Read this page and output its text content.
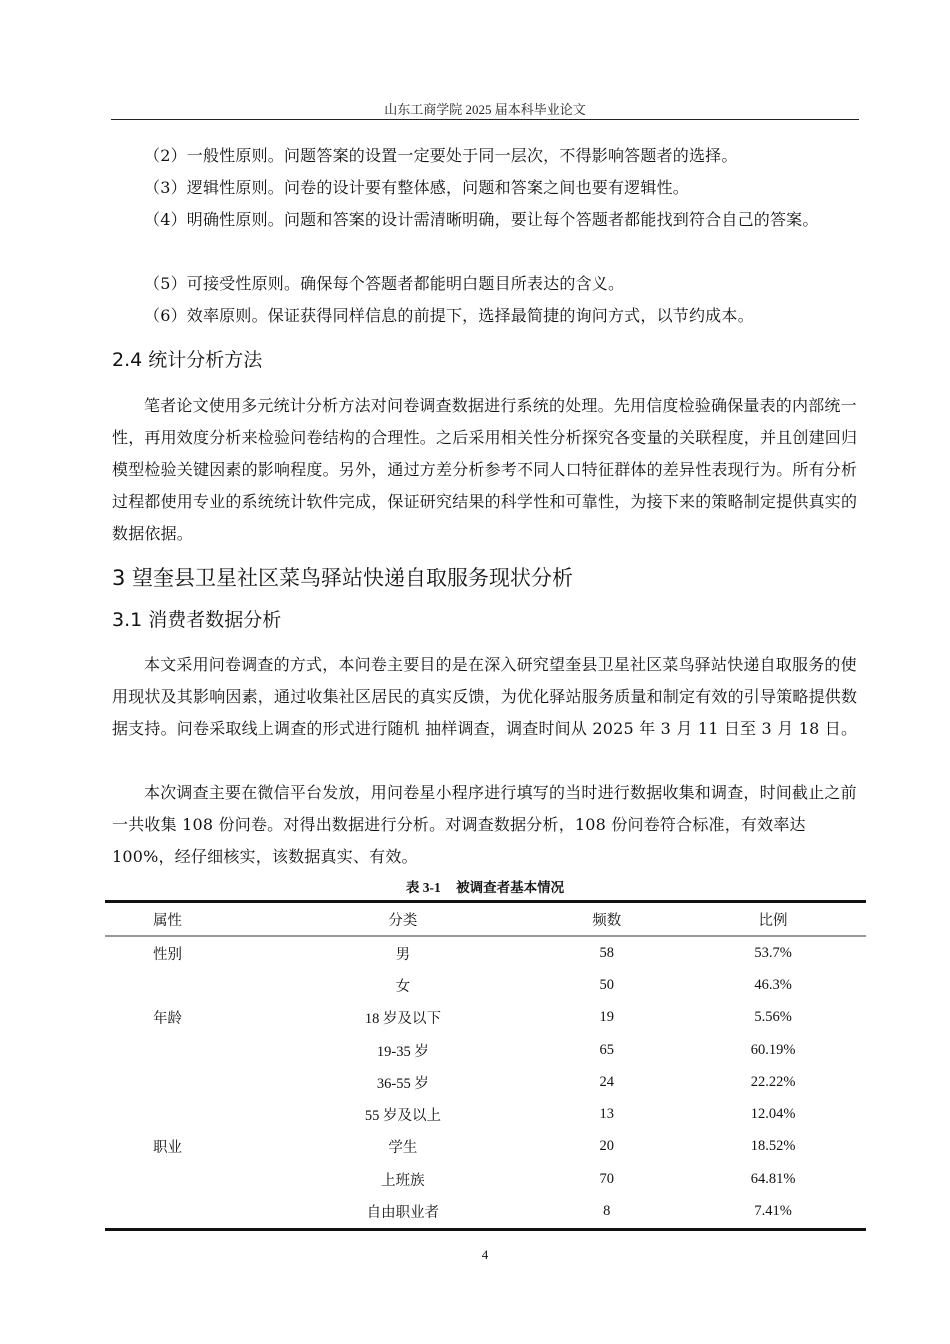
山东工商学院 2025 届本科毕业论文
（2）一般性原则。问题答案的设置一定要处于同一层次，不得影响答题者的选择。
（3）逻辑性原则。问卷的设计要有整体感，问题和答案之间也要有逻辑性。
（4）明确性原则。问题和答案的设计需清晰明确，要让每个答题者都能找到符合自己的答案。
（5）可接受性原则。确保每个答题者都能明白题目所表达的含义。
（6）效率原则。保证获得同样信息的前提下，选择最简捷的询问方式，以节约成本。
2.4 统计分析方法
笔者论文使用多元统计分析方法对问卷调查数据进行系统的处理。先用信度检验确保量表的内部统一性，再用效度分析来检验问卷结构的合理性。之后采用相关性分析探究各变量的关联程度，并且创建回归模型检验关键因素的影响程度。另外，通过方差分析参考不同人口特征群体的差异性表现行为。所有分析过程都使用专业的系统统计软件完成，保证研究结果的科学性和可靠性，为接下来的策略制定提供真实的数据依据。
3 望奎县卫星社区菜鸟驿站快递自取服务现状分析
3.1 消费者数据分析
本文采用问卷调查的方式，本问卷主要目的是在深入研究望奎县卫星社区菜鸟驿站快递自取服务的使用现状及其影响因素，通过收集社区居民的真实反馈，为优化驿站服务质量和制定有效的引导策略提供数据支持。问卷采取线上调查的形式进行随机 抽样调查，调查时间从 2025 年 3 月 11 日至 3 月 18 日。
本次调查主要在微信平台发放，用问卷星小程序进行填写的当时进行数据收集和调查，时间截止之前一共收集 108 份问卷。对得出数据进行分析。对调查数据分析，108 份问卷符合标准，有效率达 100%，经仔细核实，该数据真实、有效。
表 3-1 被调查者基本情况
属性	分类	频数	比例
性别	男	58	53.7%
	女	50	46.3%
年龄	18 岁及以下	19	5.56%
	19-35 岁	65	60.19%
	36-55 岁	24	22.22%
	55 岁及以上	13	12.04%
职业	学生	20	18.52%
	上班族	70	64.81%
	自由职业者	8	7.41%
4
